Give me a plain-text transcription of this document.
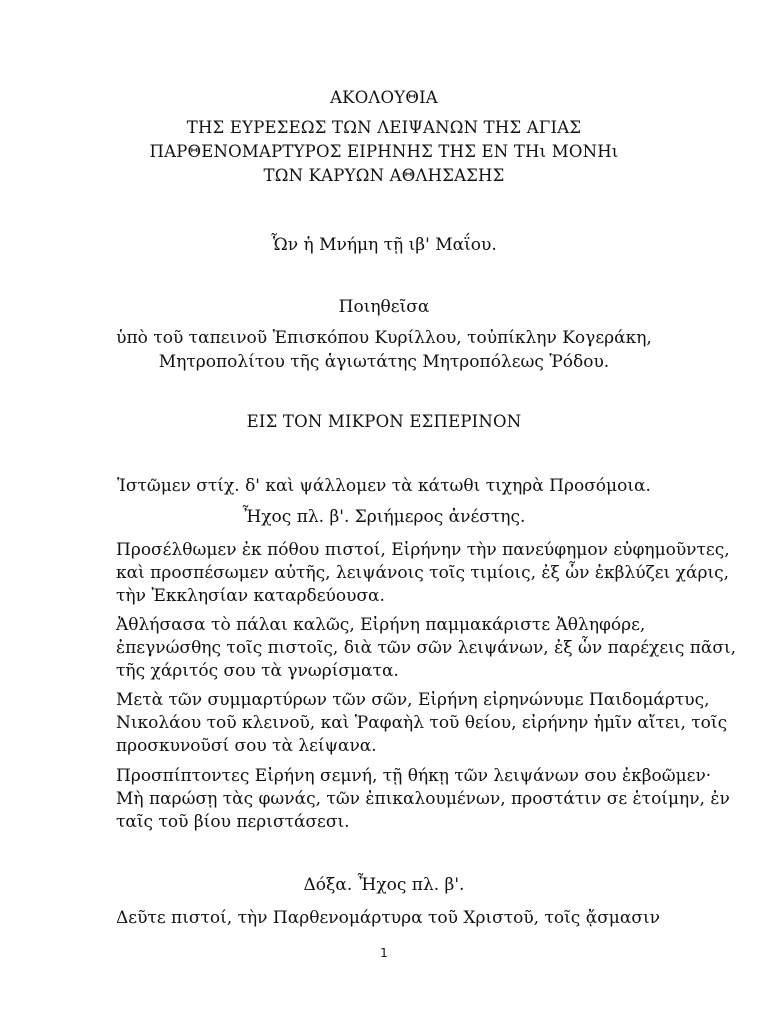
ΑΚΟΛΟΥΘΙΑ
ΤΗΣ ΕΥΡΕΣΕΩΣ ΤΩΝ ΛΕΙΨΑΝΩΝ ΤΗΣ ΑΓΙΑΣ
ΠΑΡΘΕΝΟΜΑΡΤΥΡΟΣ ΕΙΡΗΝΗΣ ΤΗΣ ΕΝ ΤΗι ΜΟΝΗι
ΤΩΝ ΚΑΡΥΩΝ ΑΘΛΗΣΑΣΗΣ
Ὧν ἡ Μνήμη τῇ ιβ' Μαΐου.
Ποιηθεῖσα
ὑπὸ τοῦ ταπεινοῦ Ἐπισκόπου Κυρίλλου, τοὐπίκλην Κογεράκη,
Μητροπολίτου τῆς ἁγιωτάτης Μητροπόλεως Ῥόδου.
ΕΙΣ ΤΟΝ ΜΙΚΡΟΝ ΕΣΠΕΡΙΝΟΝ
Ἱστῶμεν στίχ. δ' καὶ ψάλλομεν τὰ κάτωθι τιχηρὰ Προσόμοια.
Ἦχος πλ. β'. Σριήμερος ἀνέστης.
Προσέλθωμεν ἐκ πόθου πιστοί, Εἰρήνην τὴν πανεύφημον εὐφημοῦντες,
καὶ προσπέσωμεν αὐτῆς, λειψάνοις τοῖς τιμίοις, ἐξ ὧν ἐκβλύζει χάρις,
τὴν Ἐκκλησίαν καταρδεύουσα.
Ἀθλήσασα τὸ πάλαι καλῶς, Εἰρήνη παμμακάριστε Ἀθληφόρε,
ἐπεγνώσθης τοῖς πιστοῖς, διὰ τῶν σῶν λειψάνων, ἐξ ὧν παρέχεις πᾶσι,
τῆς χάριτός σου τὰ γνωρίσματα.
Μετὰ τῶν συμμαρτύρων τῶν σῶν, Εἰρήνη εἰρηνώνυμε Παιδομάρτυς,
Νικολάου τοῦ κλεινοῦ, καὶ Ῥαφαὴλ τοῦ θείου, εἰρήνην ἡμῖν αἴτει, τοῖς
προσκυνοῦσί σου τὰ λείψανα.
Προσπίπτοντες Εἰρήνη σεμνή, τῇ θήκῃ τῶν λειψάνων σου ἐκβοῶμεν·
Μὴ παρώσῃ τὰς φωνάς, τῶν ἐπικαλουμένων, προστάτιν σε ἑτοίμην, ἐν
ταῖς τοῦ βίου περιστάσεσι.
Δόξα. Ἦχος πλ. β'.
Δεῦτε πιστοί, τὴν Παρθενομάρτυρα τοῦ Χριστοῦ, τοῖς ᾄσμασιν
1
